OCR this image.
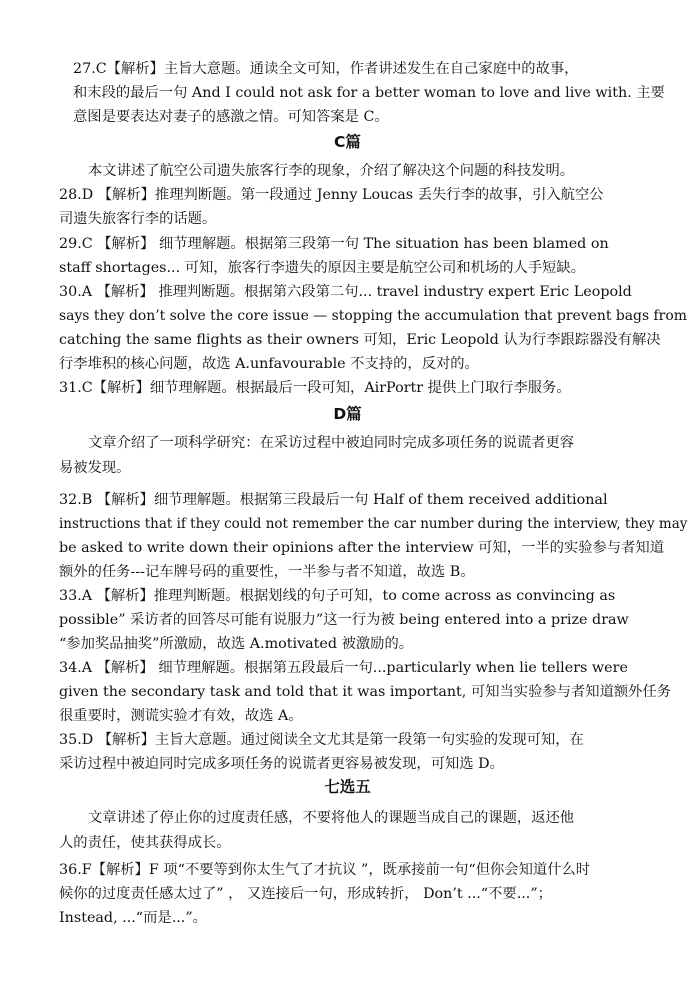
27.C【解析】主旨大意题。通读全文可知，作者讲述发生在自己家庭中的故事，
和末段的最后一句 And I could not ask for a better woman to love and live with. 主要
意图是要表达对妻子的感激之情。可知答案是 C。
C篇
本文讲述了航空公司遗失旅客行李的现象，介绍了解决这个问题的科技发明。
28.D 【解析】推理判断题。第一段通过 Jenny Loucas 丢失行李的故事，引入航空公
司遗失旅客行李的话题。
29.C 【解析】 细节理解题。根据第三段第一句 The situation has been blamed on
staff shortages... 可知，旅客行李遗失的原因主要是航空公司和机场的人手短缺。
30.A 【解析】 推理判断题。根据第六段第二句... travel industry expert Eric Leopold
says they don’t solve the core issue — stopping the accumulation that prevent bags from
catching the same flights as their owners 可知，Eric Leopold 认为行李跟踪器没有解决
行李堆积的核心问题，故选 A.unfavourable 不支持的，反对的。
31.C【解析】细节理解题。根据最后一段可知，AirPortr 提供上门取行李服务。
D篇
文章介绍了一项科学研究：在采访过程中被迫同时完成多项任务的说谎者更容
易被发现。
32.B 【解析】细节理解题。根据第三段最后一句 Half of them received additional
instructions that if they could not remember the car number during the interview, they may
be asked to write down their opinions after the interview 可知，一半的实验参与者知道
额外的任务---记车牌号码的重要性，一半参与者不知道，故选 B。
33.A 【解析】推理判断题。根据划线的句子可知，to come across as convincing as
possible” 采访者的回答尽可能有说服力”这一行为被 being entered into a prize draw
“参加奖品抽奖”所激励，故选 A.motivated 被激励的。
34.A 【解析】 细节理解题。根据第五段最后一句...particularly when lie tellers were
given the secondary task and told that it was important, 可知当实验参与者知道额外任务
很重要时，测谎实验才有效，故选 A。
35.D 【解析】主旨大意题。通过阅读全文尤其是第一段第一句实验的发现可知，在
采访过程中被迫同时完成多项任务的说谎者更容易被发现，可知选 D。
七选五
文章讲述了停止你的过度责任感，不要将他人的课题当成自己的课题，返还他
人的责任，使其获得成长。
36.F【解析】F 项“不要等到你太生气了才抗议 ”，既承接前一句“但你会知道什么时
候你的过度责任感太过了” ， 又连接后一句，形成转折， Don’t ...“不要...”；
Instead, ...“而是...”。
